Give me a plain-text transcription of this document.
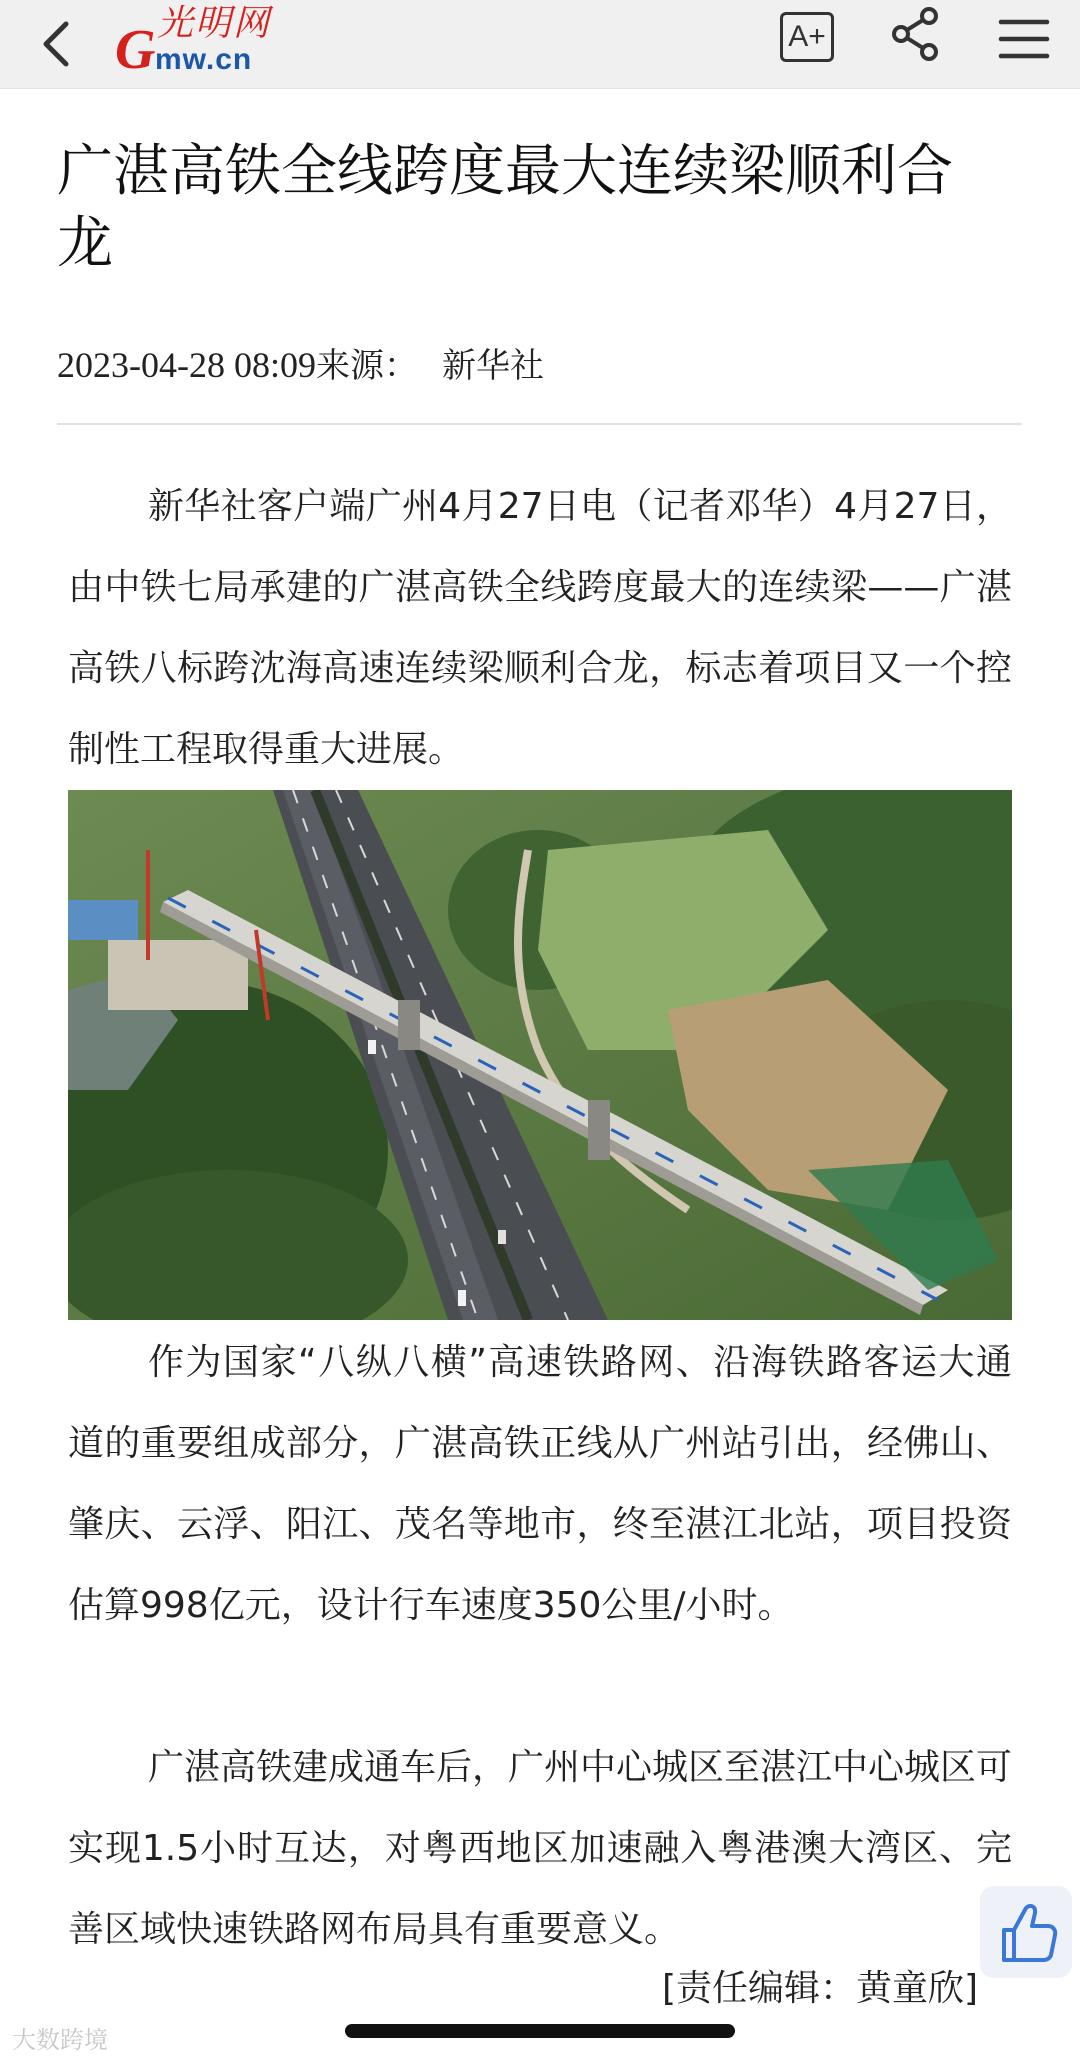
G 光明网
mw.cn
A+
广湛高铁全线跨度最大连续梁顺利合龙
2023-04-28 08:09来源： 新华社

新华社客户端广州4月27日电（记者邓华）4月27日，由中铁七局承建的广湛高铁全线跨度最大的连续梁——广湛高铁八标跨沈海高速连续梁顺利合龙，标志着项目又一个控制性工程取得重大进展。

作为国家“八纵八横”高速铁路网、沿海铁路客运大通道的重要组成部分，广湛高铁正线从广州站引出，经佛山、肇庆、云浮、阳江、茂名等地市，终至湛江北站，项目投资估算998亿元，设计行车速度350公里/小时。

广湛高铁建成通车后，广州中心城区至湛江中心城区可实现1.5小时互达，对粤西地区加速融入粤港澳大湾区、完善区域快速铁路网布局具有重要意义。

[责任编辑：黄童欣]
大数跨境
